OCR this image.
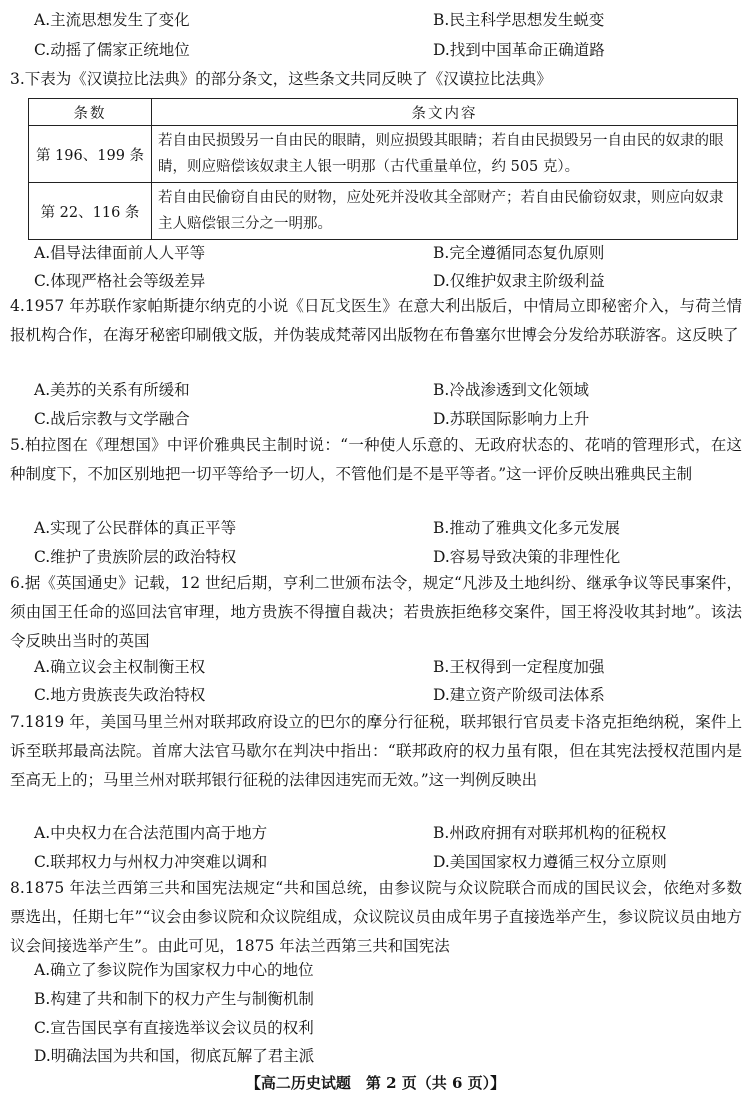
A.主流思想发生了变化	B.民主科学思想发生蜕变
C.动摇了儒家正统地位	D.找到中国革命正确道路
3.下表为《汉谟拉比法典》的部分条文，这些条文共同反映了《汉谟拉比法典》
条数	条文内容
第 196、199 条	若自由民损毁另一自由民的眼睛，则应损毁其眼睛；若自由民损毁另一自由民的奴隶的眼睛，则应赔偿该奴隶主人银一明那（古代重量单位，约 505 克）。
第 22、116 条	若自由民偷窃自由民的财物，应处死并没收其全部财产；若自由民偷窃奴隶，则应向奴隶主人赔偿银三分之一明那。
A.倡导法律面前人人平等	B.完全遵循同态复仇原则
C.体现严格社会等级差异	D.仅维护奴隶主阶级利益
4.1957 年苏联作家帕斯捷尔纳克的小说《日瓦戈医生》在意大利出版后，中情局立即秘密介入，与荷兰情报机构合作，在海牙秘密印刷俄文版，并伪装成梵蒂冈出版物在布鲁塞尔世博会分发给苏联游客。这反映了
A.美苏的关系有所缓和	B.冷战渗透到文化领域
C.战后宗教与文学融合	D.苏联国际影响力上升
5.柏拉图在《理想国》中评价雅典民主制时说：“一种使人乐意的、无政府状态的、花哨的管理形式，在这种制度下，不加区别地把一切平等给予一切人，不管他们是不是平等者。”这一评价反映出雅典民主制
A.实现了公民群体的真正平等	B.推动了雅典文化多元发展
C.维护了贵族阶层的政治特权	D.容易导致决策的非理性化
6.据《英国通史》记载，12 世纪后期，亨利二世颁布法令，规定“凡涉及土地纠纷、继承争议等民事案件，须由国王任命的巡回法官审理，地方贵族不得擅自裁决；若贵族拒绝移交案件，国王将没收其封地”。该法令反映出当时的英国
A.确立议会主权制衡王权	B.王权得到一定程度加强
C.地方贵族丧失政治特权	D.建立资产阶级司法体系
7.1819 年，美国马里兰州对联邦政府设立的巴尔的摩分行征税，联邦银行官员麦卡洛克拒绝纳税，案件上诉至联邦最高法院。首席大法官马歇尔在判决中指出：“联邦政府的权力虽有限，但在其宪法授权范围内是至高无上的；马里兰州对联邦银行征税的法律因违宪而无效。”这一判例反映出
A.中央权力在合法范围内高于地方	B.州政府拥有对联邦机构的征税权
C.联邦权力与州权力冲突难以调和	D.美国国家权力遵循三权分立原则
8.1875 年法兰西第三共和国宪法规定“共和国总统，由参议院与众议院联合而成的国民议会，依绝对多数票选出，任期七年”“议会由参议院和众议院组成，众议院议员由成年男子直接选举产生，参议院议员由地方议会间接选举产生”。由此可见，1875 年法兰西第三共和国宪法
A.确立了参议院作为国家权力中心的地位
B.构建了共和制下的权力产生与制衡机制
C.宣告国民享有直接选举议会议员的权利
D.明确法国为共和国，彻底瓦解了君主派
【高二历史试题　第 2 页（共 6 页）】
